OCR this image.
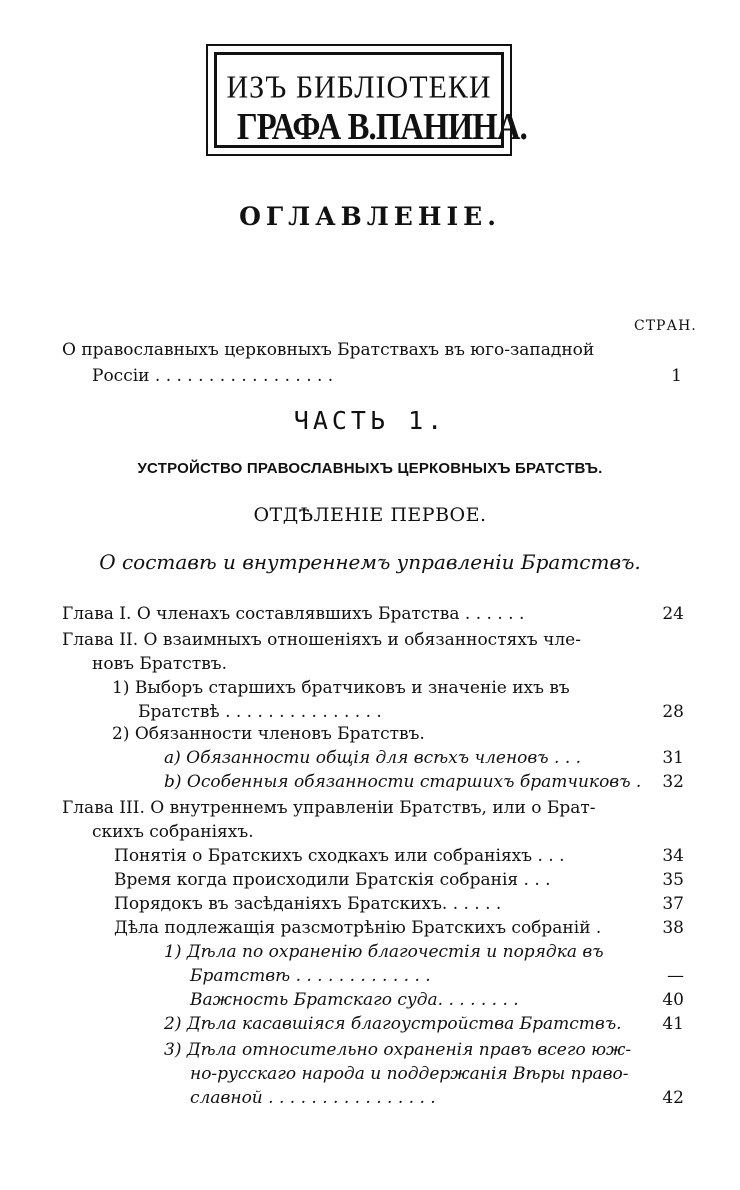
ИЗЪ БИБЛІОТЕКИ
ГРАФА В.ПАНИНА.
ОГЛАВЛЕНІЕ.
СТРАН.
О православныхъ церковныхъ Братствахъ въ юго-западной
Россіи . . . . . . . . . . . . . . . . .	1
ЧАСТЬ 1.
УСТРОЙСТВО ПРАВОСЛАВНЫХЪ ЦЕРКОВНЫХЪ БРАТСТВЪ.
ОТДѢЛЕНІЕ ПЕРВОЕ.
О составѣ и внутреннемъ управленіи Братствъ.
Глава I. О членахъ составлявшихъ Братства . . . . . .	24
Глава II. О взаимныхъ отношеніяхъ и обязанностяхъ чле-
новъ Братствъ.
1) Выборъ старшихъ братчиковъ и значеніе ихъ въ
Братствѣ . . . . . . . . . . . . . . .	28
2) Обязанности членовъ Братствъ.
а) Обязанности общія для всѣхъ членовъ . . .	31
b) Особенныя обязанности старшихъ братчиковъ .	32
Глава III. О внутреннемъ управленіи Братствъ, или о Брат-
скихъ собраніяхъ.
Понятія о Братскихъ сходкахъ или собраніяхъ . . .	34
Время когда происходили Братскія собранія . . .	35
Порядокъ въ засѣданіяхъ Братскихъ. . . . . .	37
Дѣла подлежащія разсмотрѣнію Братскихъ собраній .	38
1) Дѣла по охраненію благочестія и порядка въ
Братствѣ . . . . . . . . . . . . .	—
Важность Братскаго суда. . . . . . . .	40
2) Дѣла касавшіяся благоустройства Братствъ.	41
3) Дѣла относительно охраненія правъ всего юж-
но-русскаго народа и поддержанія Вѣры право-
славной . . . . . . . . . . . . . . . .	42
